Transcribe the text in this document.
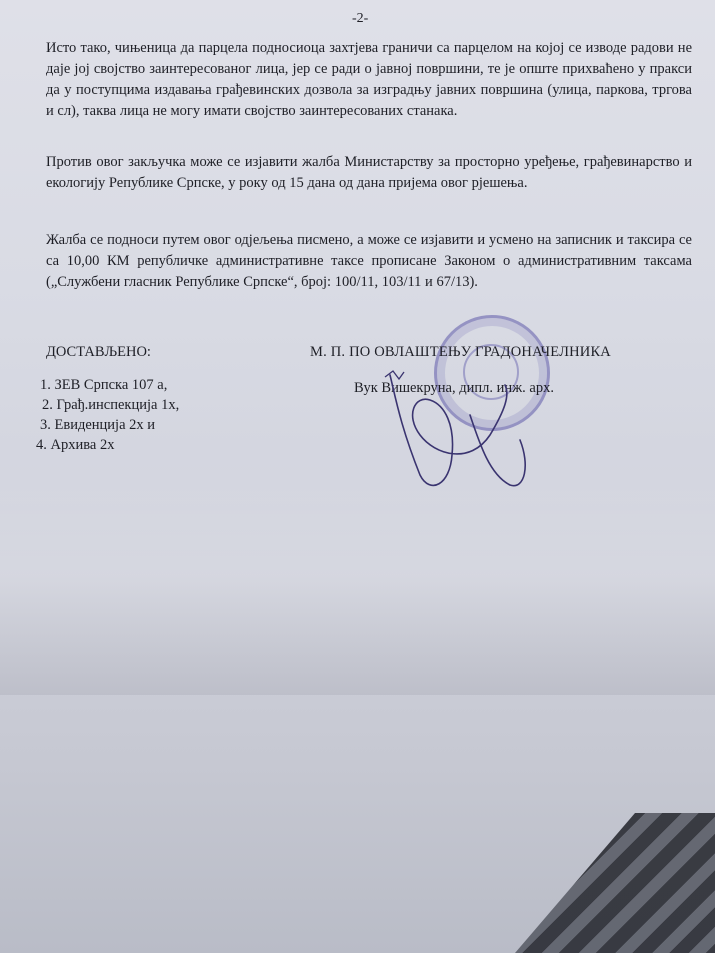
-2-
Исто тако, чињеница да парцела подносиоца захтјева граничи са парцелом на којој се изводе радови не даје јој својство заинтересованог лица, јер се ради о јавној површини, те је опште прихваћено у пракси да у поступцима издавања грађевинских дозвола за изградњу јавних површина (улица, паркова, тргова и сл), таква лица не могу имати својство заинтересованих станака.
Против овог закључка може се изјавити жалба Министарству за просторно уређење, грађевинарство и екологију Републике Српске, у року од 15 дана од дана пријема овог рјешења.
Жалба се подноси путем овог одјељења писмено, а може се изјавити и усмено на записник и таксира се са 10,00 КМ републичке административне таксе прописане Законом о административним таксама („Службени гласник Републике Српске“, број: 100/11, 103/11 и 67/13).
ДОСТАВЉЕНО:
1. ЗЕВ Српска 107 а,
2. Грађ.инспекција 1х,
3. Евиденција 2х и
4. Архива 2х
М. П. ПО ОВЛАШТЕЊУ ГРАДОНАЧЕЛНИКА
Вук Вишекруна, дипл. инж. арх.
